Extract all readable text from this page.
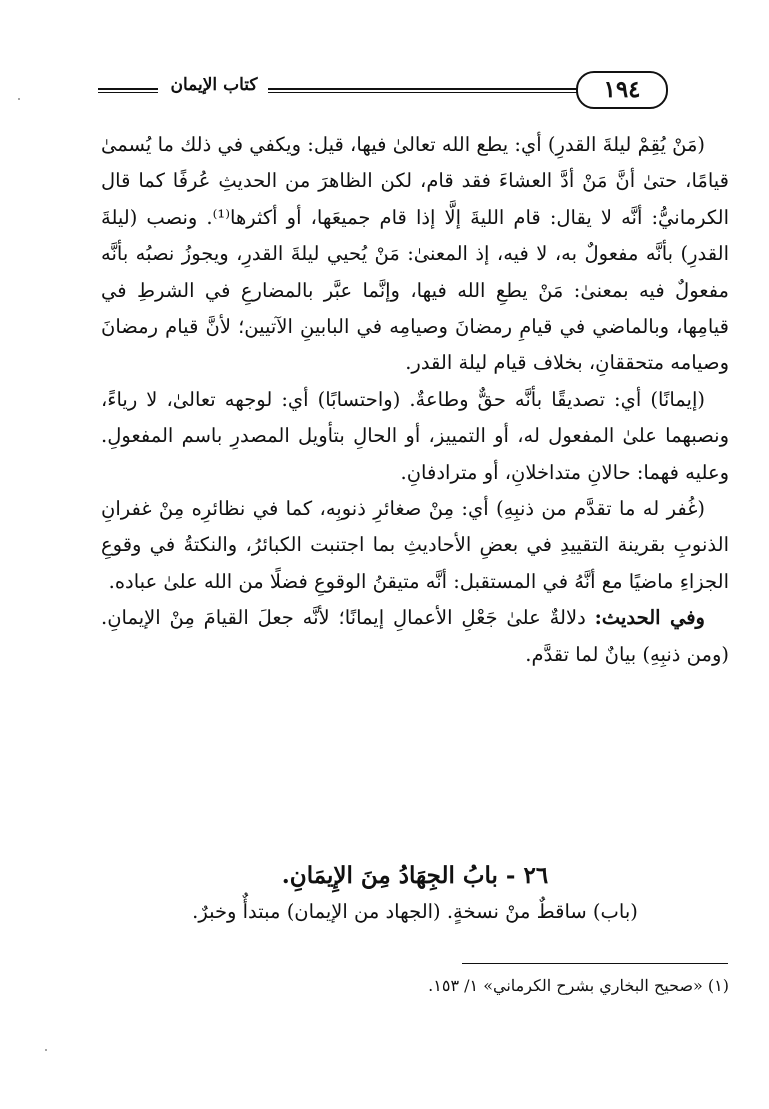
كتاب الإيمان	١٩٤

(مَنْ يُقِمْ ليلةَ القدرِ) أي: يطع الله تعالىٰ فيها، قيل: ويكفي في ذلك ما يُسمىٰ قيامًا، حتىٰ أنَّ مَنْ أدَّ العشاءَ فقد قام، لكن الظاهرَ من الحديثِ عُرفًا كما قال الكرمانيُّ: أنَّه لا يقال: قام الليةَ إلَّا إذا قام جميعَها، أو أكثرها⁽¹⁾. ونصب (ليلةَ القدرِ) بأنَّه مفعولٌ به، لا فيه، إذ المعنىٰ: مَنْ يُحيي ليلةَ القدرِ، ويجوزُ نصبُه بأنَّه مفعولٌ فيه بمعنىٰ: مَنْ يطعِ الله فيها، وإنَّما عبَّر بالمضارعِ في الشرطِ في قيامِها، وبالماضي في قيامِ رمضانَ وصيامِه في البابينِ الآتيين؛ لأنَّ قيام رمضانَ وصيامه متحققانِ، بخلاف قيام ليلة القدر.

(إيمانًا) أي: تصديقًا بأنَّه حقٌّ وطاعةٌ. (واحتسابًا) أي: لوجهه تعالىٰ، لا رياءً، ونصبهما علىٰ المفعول له، أو التمييز، أو الحالِ بتأويل المصدرِ باسم المفعولِ. وعليه فهما: حالانِ متداخلانِ، أو مترادفانِ.

(غُفر له ما تقدَّم من ذنبِهِ) أي: مِنْ صغائرِ ذنوبِه، كما في نظائرِه مِنْ غفرانِ الذنوبِ بقرينة التقييدِ في بعضِ الأحاديثِ بما اجتنبت الكبائرُ، والنكتةُ في وقوعِ الجزاءِ ماضيًا مع أنَّهُ في المستقبل: أنَّه متيقنُ الوقوعِ فضلًا من الله علىٰ عباده.

وفي الحديث: دلالةٌ علىٰ جَعْلِ الأعمالِ إيمانًا؛ لأنَّه جعلَ القيامَ مِنْ الإيمانِ. (ومن ذنبِهِ) بيانٌ لما تقدَّم.

٢٦ - بابُ الجِهَادُ مِنَ الإِيمَانِ.
(باب) ساقطٌ منْ نسخةٍ. (الجهاد من الإيمان) مبتدأٌ وخبرٌ.
(١) «صحيح البخاري بشرح الكرماني» ١/ ١٥٣.
